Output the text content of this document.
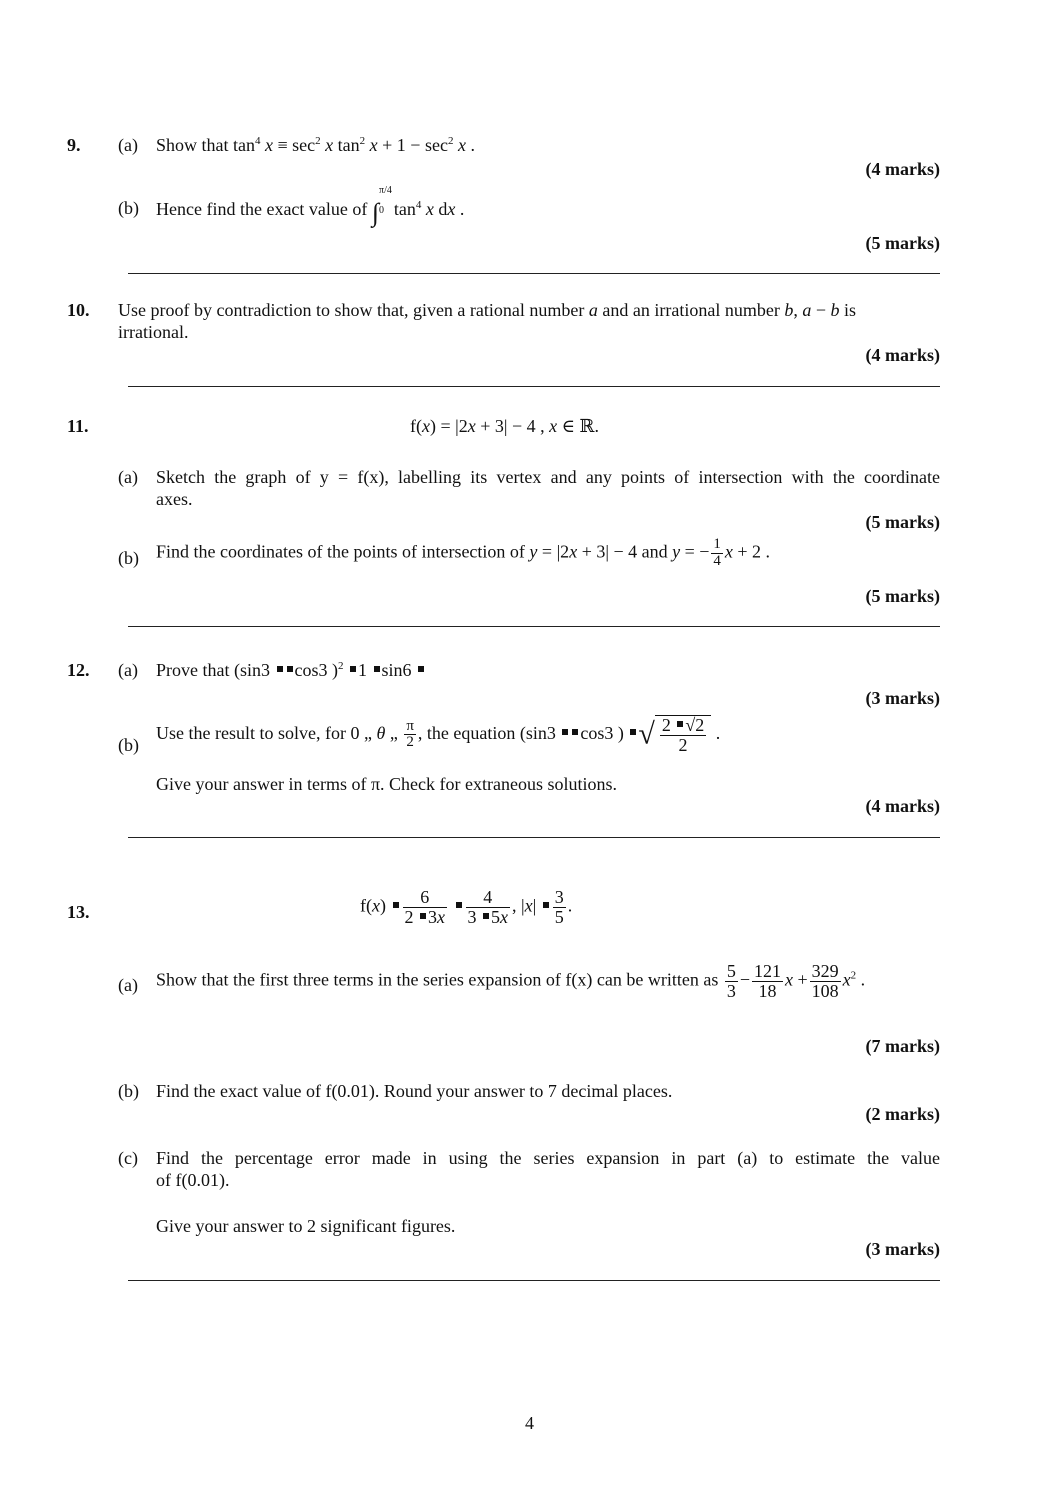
9. (a) Show that $\tan^4 x \equiv \sec^2 x$ $\tan^2 x + 1 - \sec^2 x$ .
(4 marks)
(b) Hence find the exact value of ∫
π/4
0 $\tan^4 x$ dx .
(5 marks)
10. Use proof by contradiction to show that, given a rational number a and an irrational number b, a − b is
irrational.
(4 marks)
11.	f(x) = |2x + 3| − 4 , x ∈ ℝ.
(a) Sketch the graph of y = f(x), labelling its vertex and any points of intersection with the coordinate
axes.
(5 marks)
(b) Find the coordinates of the points of intersection of y = |2x + 3| − 4 and y = − $\frac{1}{4}$ x + 2 .
(5 marks)
12. (a) Prove that (sin3 cos3 )$^2$ 1 sin6
(3 marks)
(b)
Use the result to solve, for 0 „ θ „ $\frac{\pi}{2}$ , the equation (sin3 cos3 ) √ $\frac{2 √2}{2}$ .
Give your answer in terms of π. Check for extraneous solutions.
(4 marks)
13.	$f(x) \frac{6}{2 3x}$
$\frac{4}{3 5x}$ , $|x| \frac{3}{5}$ .
(a) Show that the first three terms in the series expansion of f(x) can be written as $\frac{5}{3} - \frac{121}{18}$ $x + \frac{329}{108} x^2$ .
(7 marks)
(b) Find the exact value of f(0.01). Round your answer to 7 decimal places.
(2 marks)
(c) Find the percentage error made in using the series expansion in part (a) to estimate the value
of f(0.01).
Give your answer to 2 significant figures.
(3 marks)
4
